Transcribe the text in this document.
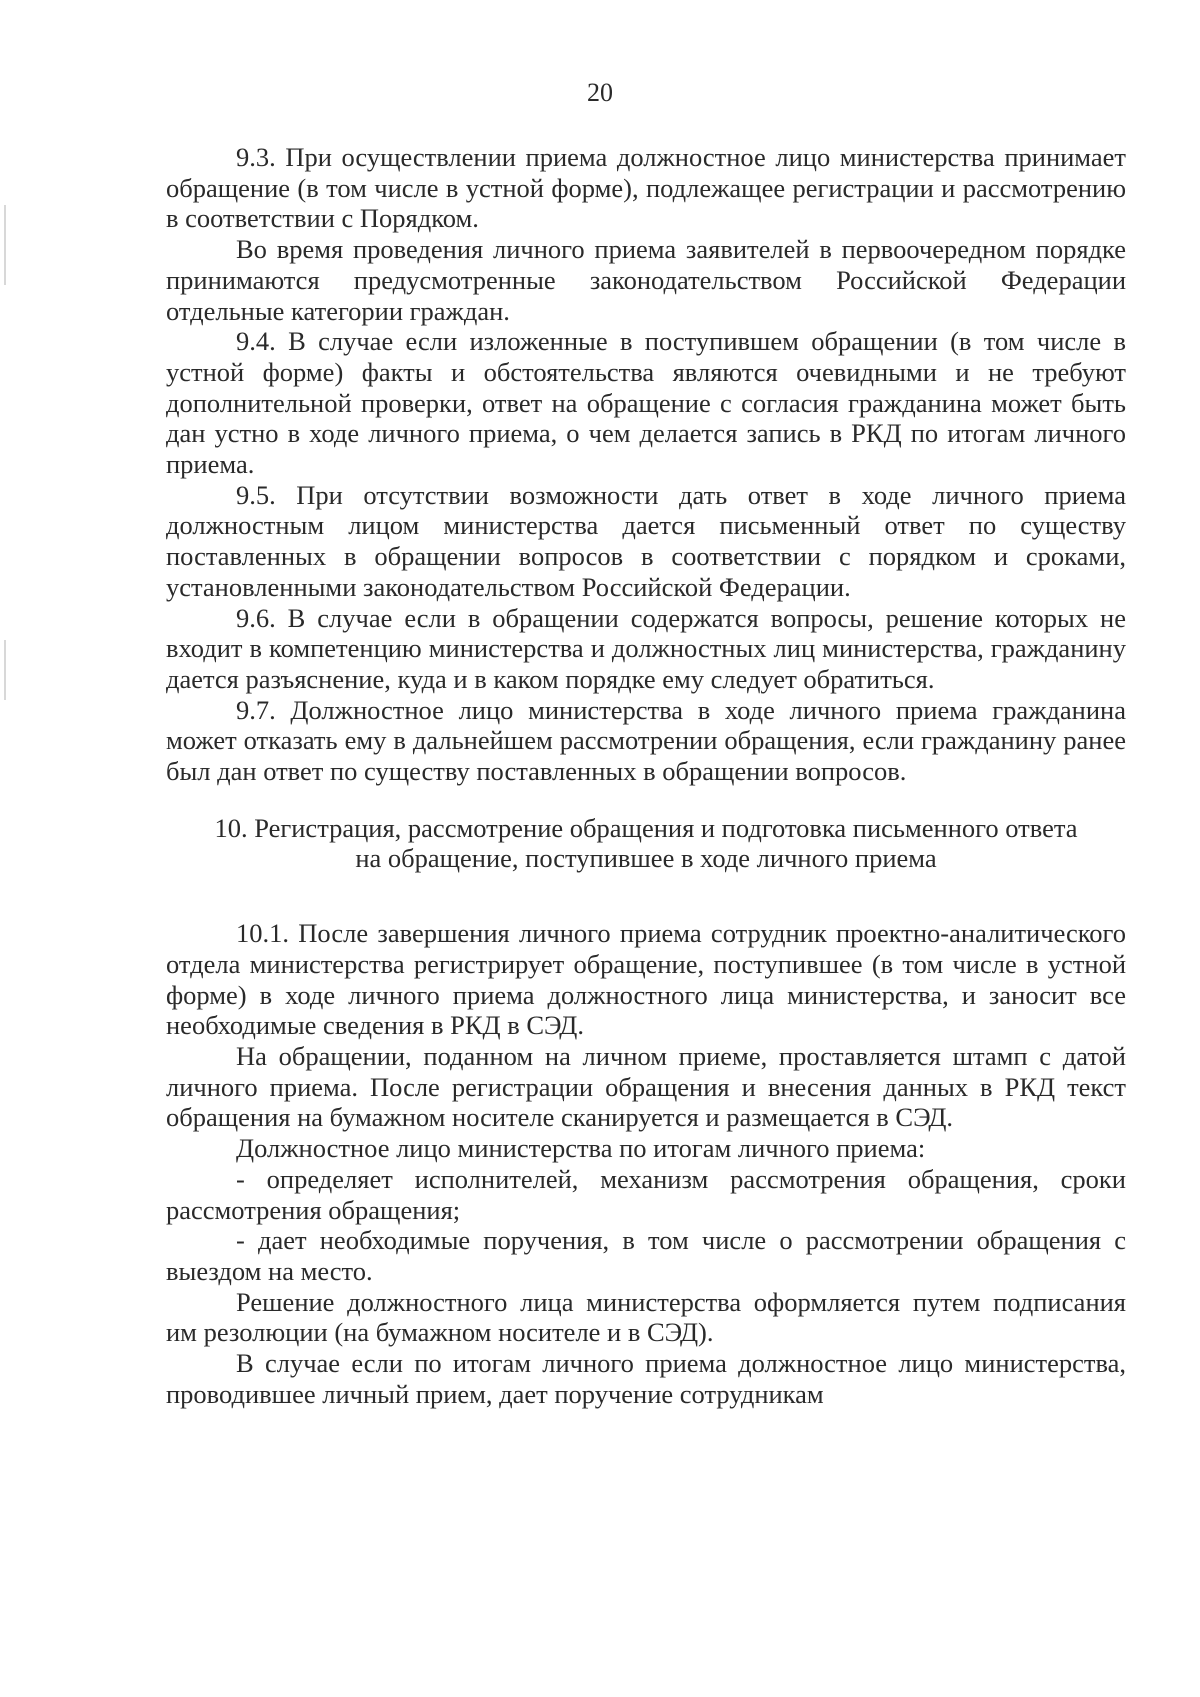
20

9.3. При осуществлении приема должностное лицо министерства принимает обращение (в том числе в устной форме), подлежащее регистрации и рассмотрению в соответствии с Порядком.

Во время проведения личного приема заявителей в первоочередном порядке принимаются предусмотренные законодательством Российской Федерации отдельные категории граждан.

9.4. В случае если изложенные в поступившем обращении (в том числе в устной форме) факты и обстоятельства являются очевидными и не требуют дополнительной проверки, ответ на обращение с согласия гражданина может быть дан устно в ходе личного приема, о чем делается запись в РКД по итогам личного приема.

9.5. При отсутствии возможности дать ответ в ходе личного приема должностным лицом министерства дается письменный ответ по существу поставленных в обращении вопросов в соответствии с порядком и сроками, установленными законодательством Российской Федерации.

9.6. В случае если в обращении содержатся вопросы, решение которых не входит в компетенцию министерства и должностных лиц министерства, гражданину дается разъяснение, куда и в каком порядке ему следует обратиться.

9.7. Должностное лицо министерства в ходе личного приема гражданина может отказать ему в дальнейшем рассмотрении обращения, если гражданину ранее был дан ответ по существу поставленных в обращении вопросов.

10. Регистрация, рассмотрение обращения и подготовка письменного ответа
на обращение, поступившее в ходе личного приема

10.1. После завершения личного приема сотрудник проектно-аналитического отдела министерства регистрирует обращение, поступившее (в том числе в устной форме) в ходе личного приема должностного лица министерства, и заносит все необходимые сведения в РКД в СЭД.

На обращении, поданном на личном приеме, проставляется штамп с датой личного приема. После регистрации обращения и внесения данных в РКД текст обращения на бумажном носителе сканируется и размещается в СЭД.

Должностное лицо министерства по итогам личного приема:

- определяет исполнителей, механизм рассмотрения обращения, сроки рассмотрения обращения;

- дает необходимые поручения, в том числе о рассмотрении обращения с выездом на место.

Решение должностного лица министерства оформляется путем подписания им резолюции (на бумажном носителе и в СЭД).

В случае если по итогам личного приема должностное лицо министерства, проводившее личный прием, дает поручение сотрудникам
